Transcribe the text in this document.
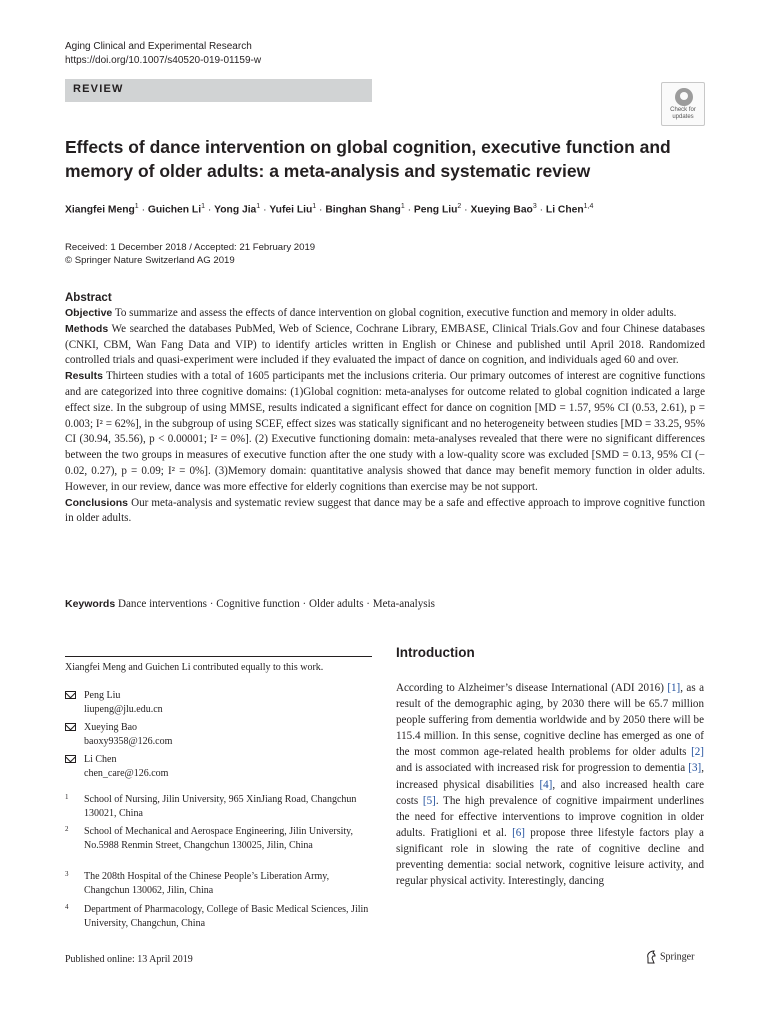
Aging Clinical and Experimental Research
https://doi.org/10.1007/s40520-019-01159-w
REVIEW
Check for
updates
Effects of dance intervention on global cognition, executive function and memory of older adults: a meta-analysis and systematic review
Xiangfei Meng$^1$ · Guichen $Li^1$ · Yong Jia$^1$ · Yufei Liu$^1$ · Binghan Shang$^1$ · Peng Liu$^2$ · Xueying Bao$^3$ · Li Chen$^{1,4}$
Received: 1 December 2018 / Accepted: 21 February 2019
© Springer Nature Switzerland AG 2019
Abstract

Objective To summarize and assess the effects of dance intervention on global cognition, executive function and memory in older adults.

Methods We searched the databases PubMed, Web of Science, Cochrane Library, EMBASE, Clinical Trials.Gov and four Chinese databases (CNKI, CBM, Wan Fang Data and VIP) to identify articles written in English or Chinese and published until April 2018. Randomized controlled trials and quasi-experiment were included if they evaluated the impact of dance on cognition, and individuals aged 60 and over.

Results Thirteen studies with a total of 1605 participants met the inclusions criteria. Our primary outcomes of interest are cognitive functions and are categorized into three cognitive domains: (1)Global cognition: meta-analyses for outcome related to global cognition indicated a large effect size. In the subgroup of using MMSE, results indicated a significant effect for dance on cognition [MD = 1.57, 95% CI (0.53, 2.61), p = 0.003; I² = 62%], in the subgroup of using SCEF, effect sizes was statically significant and no heterogeneity between studies [MD = 33.25, 95% CI (30.94, 35.56), p < 0.00001; I² = 0%]. (2) Executive functioning domain: meta-analyses revealed that there were no significant differences between the two groups in measures of executive function after the one study with a low-quality score was excluded [SMD = 0.13, 95% CI (− 0.02, 0.27), p = 0.09; I² = 0%]. (3)Memory domain: quantitative analysis showed that dance may benefit memory function in older adults. However, in our review, dance was more effective for elderly cognitions than exercise may be not support.

Conclusions Our meta-analysis and systematic review suggest that dance may be a safe and effective approach to improve cognitive function in older adults.

Keywords Dance interventions · Cognitive function · Older adults · Meta-analysis
Xiangfei Meng and Guichen Li contributed equally to this work.
Peng Liu
liupeng@jlu.edu.cn
Xueying Bao
baoxy9358@126.com
Li Chen
chen_care@126.com
1 School of Nursing, Jilin University, 965 XinJiang Road, Changchun 130021, China
2 School of Mechanical and Aerospace Engineering, Jilin University, No.5988 Renmin Street, Changchun 130025, Jilin, China
3 The 208th Hospital of the Chinese People’s Liberation Army, Changchun 130062, Jilin, China
4 Department of Pharmacology, College of Basic Medical Sciences, Jilin University, Changchun, China
Introduction
According to Alzheimer’s disease International (ADI 2016) [1], as a result of the demographic aging, by 2030 there will be 65.7 million people suffering from dementia worldwide and by 2050 there will be 115.4 million. In this sense, cognitive decline has emerged as one of the most common age-related health problems for older adults [2] and is associated with increased risk for progression to dementia [3], increased physical disabilities [4], and also increased health care costs [5]. The high prevalence of cognitive impairment underlines the need for effective interventions to improve cognition in older adults. Fratiglioni et al. [6] propose three lifestyle factors play a significant role in slowing the rate of cognitive decline and preventing dementia: social network, cognitive leisure activity, and regular physical activity. Interestingly, dancing
Published online: 13 April 2019	Springer
